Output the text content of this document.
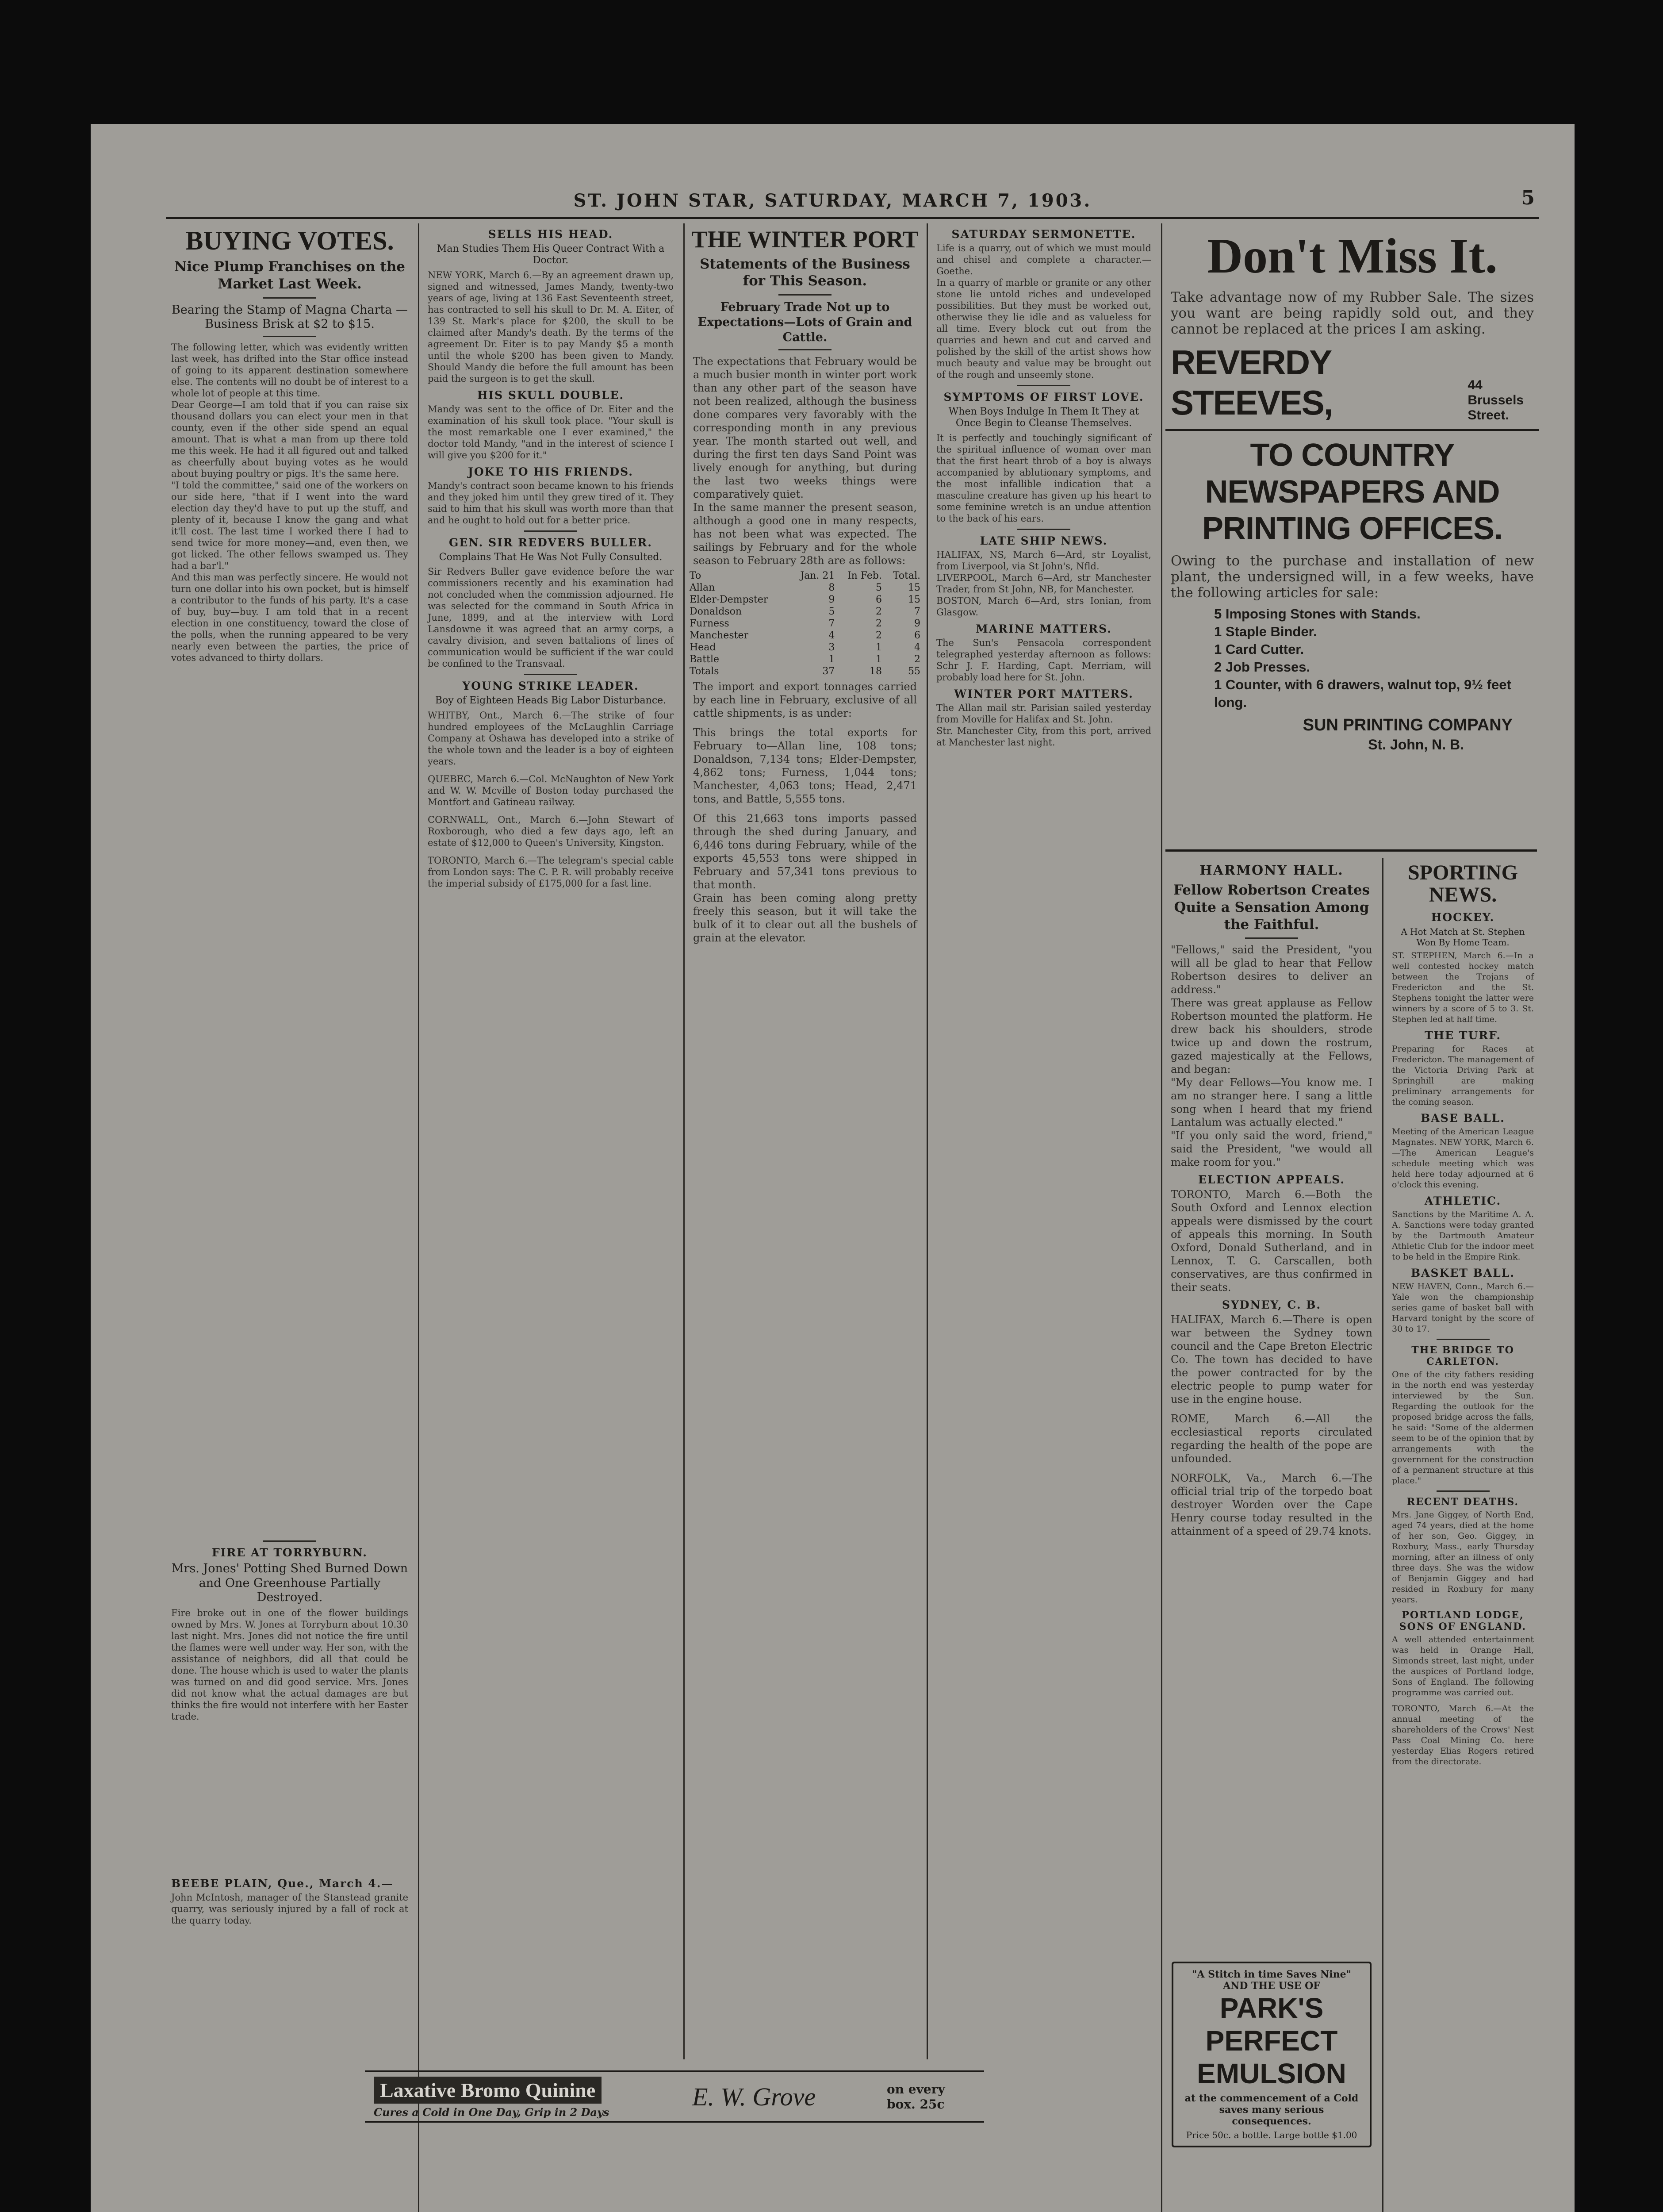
ST. JOHN STAR, SATURDAY, MARCH 7, 1903.	5
BUYING VOTES.
Nice Plump Franchises on the Market Last Week.
Bearing the Stamp of Magna Charta —Business Brisk at $2 to $15.
The following letter, which was evidently written last week, has drifted into the Star office instead of going to its apparent destination somewhere else. The contents will no doubt be of interest to a whole lot of people at this time.
Dear George—I am told that if you can raise six thousand dollars you can elect your men in that county, even if the other side spend an equal amount. That is what a man from up there told me this week. He had it all figured out and talked as cheerfully about buying votes as he would about buying poultry or pigs. It's the same here.
"I told the committee," said one of the workers on our side here, "that if I went into the ward election day they'd have to put up the stuff, and plenty of it, because I know the gang and what it'll cost. The last time I worked there I had to send twice for more money—and, even then, we got licked. The other fellows swamped us. They had a bar'l."
And this man was perfectly sincere. He would not turn one dollar into his own pocket, but is himself a contributor to the funds of his party. It's a case of buy, buy—buy. I am told that in a recent election in one constituency, toward the close of the polls, when the running appeared to be very nearly even between the parties, the price of votes advanced to thirty dollars.
FIRE AT TORRYBURN.
Mrs. Jones' Potting Shed Burned Down and One Greenhouse Partially Destroyed.
Fire broke out in one of the flower buildings owned by Mrs. W. Jones at Torryburn about 10.30 last night. Mrs. Jones did not notice the fire until the flames were well under way. Her son, with the assistance of neighbors, did all that could be done. The house which is used to water the plants was turned on and did good service. Mrs. Jones did not know what the actual damages are but thinks the fire would not interfere with her Easter trade.
BEEBE PLAIN, Que., March 4.—
John McIntosh, manager of the Stanstead granite quarry, was seriously injured by a fall of rock at the quarry today.
SELLS HIS HEAD.
Man Studies Them His Queer Contract With a Doctor.
NEW YORK, March 6.—By an agreement drawn up, signed and witnessed, James Mandy, twenty-two years of age, living at 136 East Seventeenth street, has contracted to sell his skull to Dr. M. A. Eiter, of 139 St. Mark's place for $200, the skull to be claimed after Mandy's death. By the terms of the agreement Dr. Eiter is to pay Mandy $5 a month until the whole $200 has been given to Mandy. Should Mandy die before the full amount has been paid the surgeon is to get the skull.
HIS SKULL DOUBLE.
Mandy was sent to the office of Dr. Eiter and the examination of his skull took place. "Your skull is the most remarkable one I ever examined," the doctor told Mandy, "and in the interest of science I will give you $200 for it."
JOKE TO HIS FRIENDS.
Mandy's contract soon became known to his friends and they joked him until they grew tired of it. They said to him that his skull was worth more than that and he ought to hold out for a better price.
GEN. SIR REDVERS BULLER.
Complains That He Was Not Fully Consulted.
Sir Redvers Buller gave evidence before the war commissioners recently and his examination had not concluded when the commission adjourned. He was selected for the command in South Africa in June, 1899, and at the interview with Lord Lansdowne it was agreed that an army corps, a cavalry division, and seven battalions of lines of communication would be sufficient if the war could be confined to the Transvaal.
YOUNG STRIKE LEADER.
Boy of Eighteen Heads Big Labor Disturbance.
WHITBY, Ont., March 6.—The strike of four hundred employees of the McLaughlin Carriage Company at Oshawa has developed into a strike of the whole town and the leader is a boy of eighteen years.
QUEBEC, March 6.—Col. McNaughton of New York and W. W. Mcville of Boston today purchased the Montfort and Gatineau railway.
CORNWALL, Ont., March 6.—John Stewart of Roxborough, who died a few days ago, left an estate of $12,000 to Queen's University, Kingston.
TORONTO, March 6.—The telegram's special cable from London says: The C. P. R. will probably receive the imperial subsidy of £175,000 for a fast line.
THE WINTER PORT
Statements of the Business for This Season.
February Trade Not up to Expectations—Lots of Grain and Cattle.
The expectations that February would be a much busier month in winter port work than any other part of the season have not been realized, although the business done compares very favorably with the corresponding month in any previous year. The month started out well, and during the first ten days Sand Point was lively enough for anything, but during the last two weeks things were comparatively quiet.
In the same manner the present season, although a good one in many respects, has not been what was expected. The sailings by February and for the whole season to February 28th are as follows:
To	Jan. 21	In Feb.	Total.
Allan	8	5	15
Elder-Dempster	9	6	15
Donaldson	5	2	7
Furness	7	2	9
Manchester	4	2	6
Head	3	1	4
Battle	1	1	2
Totals	37	18	55
The import and export tonnages carried by each line in February, exclusive of all cattle shipments, is as under:
This brings the total exports for February to—Allan line, 108 tons; Donaldson, 7,134 tons; Elder-Dempster, 4,862 tons; Furness, 1,044 tons; Manchester, 4,063 tons; Head, 2,471 tons, and Battle, 5,555 tons.
Of this 21,663 tons imports passed through the shed during January, and 6,446 tons during February, while of the exports 45,553 tons were shipped in February and 57,341 tons previous to that month.
Grain has been coming along pretty freely this season, but it will take the bulk of it to clear out all the bushels of grain at the elevator.
SATURDAY SERMONETTE.
Life is a quarry, out of which we must mould and chisel and complete a character.—Goethe.
In a quarry of marble or granite or any other stone lie untold riches and undeveloped possibilities. But they must be worked out, otherwise they lie idle and as valueless for all time. Every block cut out from the quarries and hewn and cut and carved and polished by the skill of the artist shows how much beauty and value may be brought out of the rough and unseemly stone.
SYMPTOMS OF FIRST LOVE.
When Boys Indulge In Them It They at Once Begin to Cleanse Themselves.
It is perfectly and touchingly significant of the spiritual influence of woman over man that the first heart throb of a boy is always accompanied by ablutionary symptoms, and the most infallible indication that a masculine creature has given up his heart to some feminine wretch is an undue attention to the back of his ears.
LATE SHIP NEWS.
HALIFAX, NS, March 6—Ard, str Loyalist, from Liverpool, via St John's, Nfld.
LIVERPOOL, March 6—Ard, str Manchester Trader, from St John, NB, for Manchester.
BOSTON, March 6—Ard, strs Ionian, from Glasgow.
MARINE MATTERS.
The Sun's Pensacola correspondent telegraphed yesterday afternoon as follows: Schr J. F. Harding, Capt. Merriam, will probably load here for St. John.
WINTER PORT MATTERS.
The Allan mail str. Parisian sailed yesterday from Moville for Halifax and St. John.
Str. Manchester City, from this port, arrived at Manchester last night.
Don't Miss It.
Take advantage now of my Rubber Sale. The sizes you want are being rapidly sold out, and they cannot be replaced at the prices I am asking.
REVERDY STEEVES,	44 Brussels Street.
TO COUNTRY NEWSPAPERS AND PRINTING OFFICES.
Owing to the purchase and installation of new plant, the undersigned will, in a few weeks, have the following articles for sale:
5 Imposing Stones with Stands.
1 Staple Binder.
1 Card Cutter.
2 Job Presses.
1 Counter, with 6 drawers, walnut top, 9½ feet long.
SUN PRINTING COMPANY
St. John, N. B.
HARMONY HALL.
Fellow Robertson Creates Quite a Sensation Among the Faithful.
"Fellows," said the President, "you will all be glad to hear that Fellow Robertson desires to deliver an address."
There was great applause as Fellow Robertson mounted the platform. He drew back his shoulders, strode twice up and down the rostrum, gazed majestically at the Fellows, and began:
"My dear Fellows—You know me. I am no stranger here. I sang a little song when I heard that my friend Lantalum was actually elected."
"If you only said the word, friend," said the President, "we would all make room for you."
ELECTION APPEALS.
TORONTO, March 6.—Both the South Oxford and Lennox election appeals were dismissed by the court of appeals this morning. In South Oxford, Donald Sutherland, and in Lennox, T. G. Carscallen, both conservatives, are thus confirmed in their seats.
SYDNEY, C. B.
HALIFAX, March 6.—There is open war between the Sydney town council and the Cape Breton Electric Co. The town has decided to have the power contracted for by the electric people to pump water for use in the engine house.
ROME, March 6.—All the ecclesiastical reports circulated regarding the health of the pope are unfounded.
NORFOLK, Va., March 6.—The official trial trip of the torpedo boat destroyer Worden over the Cape Henry course today resulted in the attainment of a speed of 29.74 knots.
"A Stitch in time Saves Nine" AND THE USE OF
PARK'S
PERFECT
EMULSION
at the commencement of a Cold saves many serious consequences.
Price 50c. a bottle. Large bottle $1.00
SPORTING NEWS.
HOCKEY.
A Hot Match at St. Stephen Won By Home Team.
ST. STEPHEN, March 6.—In a well contested hockey match between the Trojans of Fredericton and the St. Stephens tonight the latter were winners by a score of 5 to 3. St. Stephen led at half time.
THE TURF.
Preparing for Races at Fredericton. The management of the Victoria Driving Park at Springhill are making preliminary arrangements for the coming season.
BASE BALL.
Meeting of the American League Magnates. NEW YORK, March 6.—The American League's schedule meeting which was held here today adjourned at 6 o'clock this evening.
ATHLETIC.
Sanctions by the Maritime A. A. A. Sanctions were today granted by the Dartmouth Amateur Athletic Club for the indoor meet to be held in the Empire Rink.
BASKET BALL.
NEW HAVEN, Conn., March 6.—Yale won the championship series game of basket ball with Harvard tonight by the score of 30 to 17.
THE BRIDGE TO CARLETON.
One of the city fathers residing in the north end was yesterday interviewed by the Sun. Regarding the outlook for the proposed bridge across the falls, he said: "Some of the aldermen seem to be of the opinion that by arrangements with the government for the construction of a permanent structure at this place."
RECENT DEATHS.
Mrs. Jane Giggey, of North End, aged 74 years, died at the home of her son, Geo. Giggey, in Roxbury, Mass., early Thursday morning, after an illness of only three days. She was the widow of Benjamin Giggey and had resided in Roxbury for many years.
PORTLAND LODGE, SONS OF ENGLAND.
A well attended entertainment was held in Orange Hall, Simonds street, last night, under the auspices of Portland lodge, Sons of England. The following programme was carried out.
TORONTO, March 6.—At the annual meeting of the shareholders of the Crows' Nest Pass Coal Mining Co. here yesterday Elias Rogers retired from the directorate.
Laxative Bromo Quinine
Cures a Cold in One Day, Grip in 2 Days
E. W. Grove	on every box. 25c
